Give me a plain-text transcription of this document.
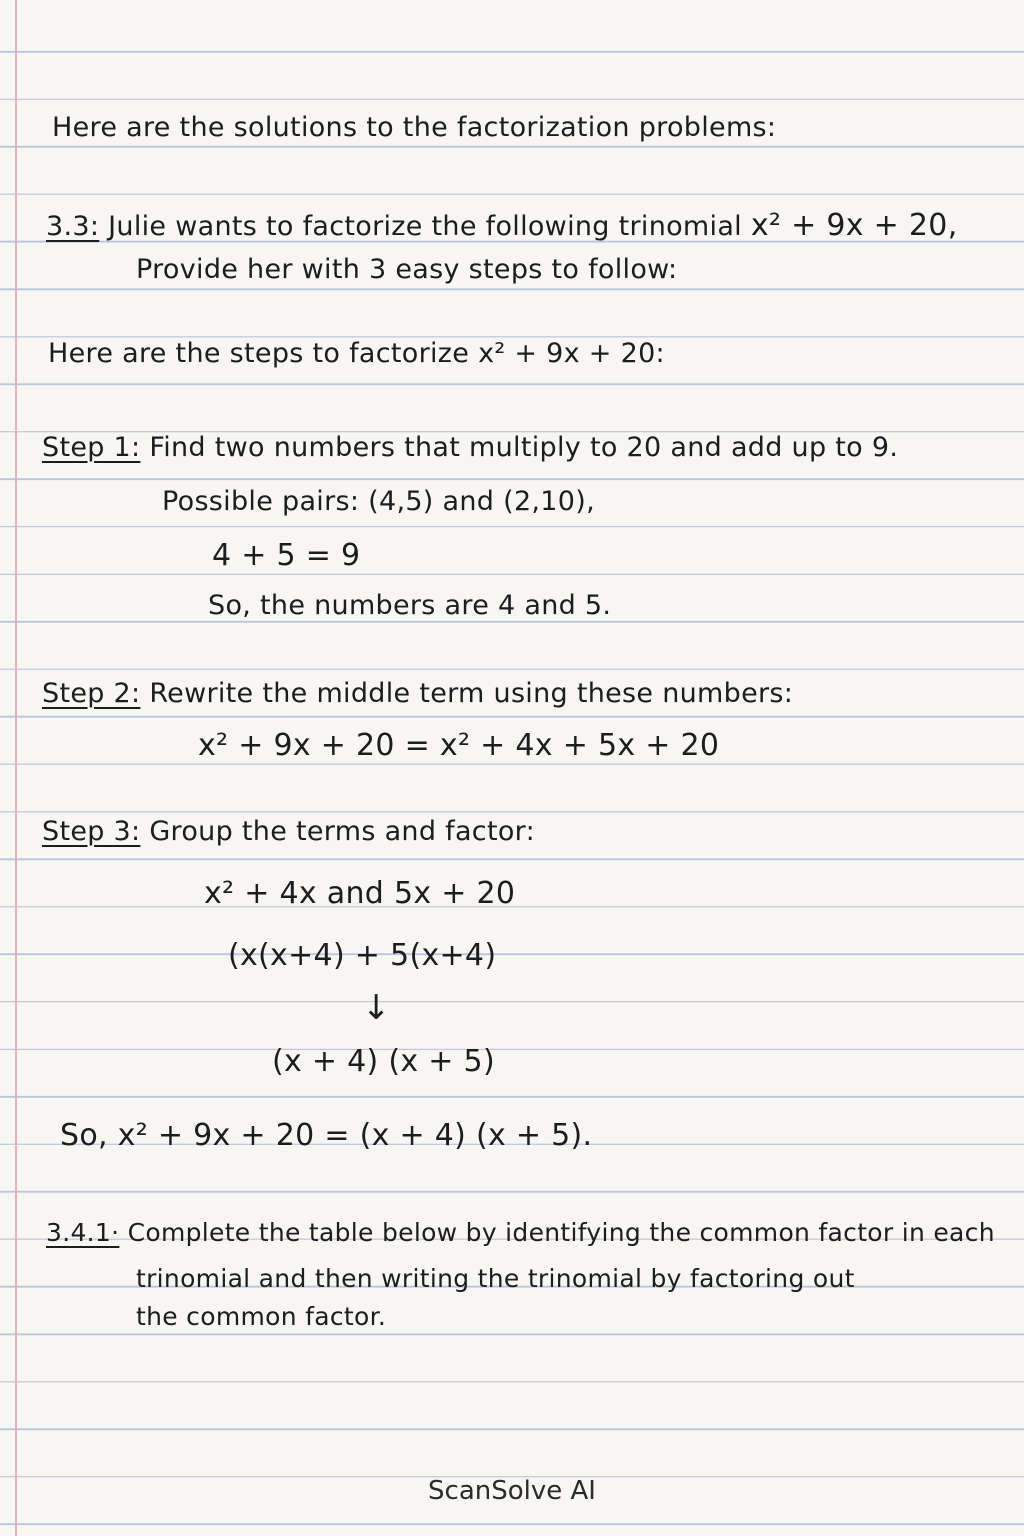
Here are the solutions to the factorization problems:
3.3: Julie wants to factorize the following trinomial x² + 9x + 20,
Provide her with 3 easy steps to follow:
Here are the steps to factorize x² + 9x + 20:
Step 1: Find two numbers that multiply to 20 and add up to 9.
Possible pairs: (4,5) and (2,10),
4 + 5 = 9
So, the numbers are 4 and 5.
Step 2: Rewrite the middle term using these numbers:
x² + 9x + 20 = x² + 4x + 5x + 20
Step 3: Group the terms and factor:
x² + 4x and 5x + 20
(x(x+4) + 5(x+4)
↓
(x + 4) (x + 5)
So, x² + 9x + 20 = (x + 4) (x + 5).
3.4.1· Complete the table below by identifying the common factor in each
trinomial and then writing the trinomial by factoring out
the common factor.
ScanSolve AI
